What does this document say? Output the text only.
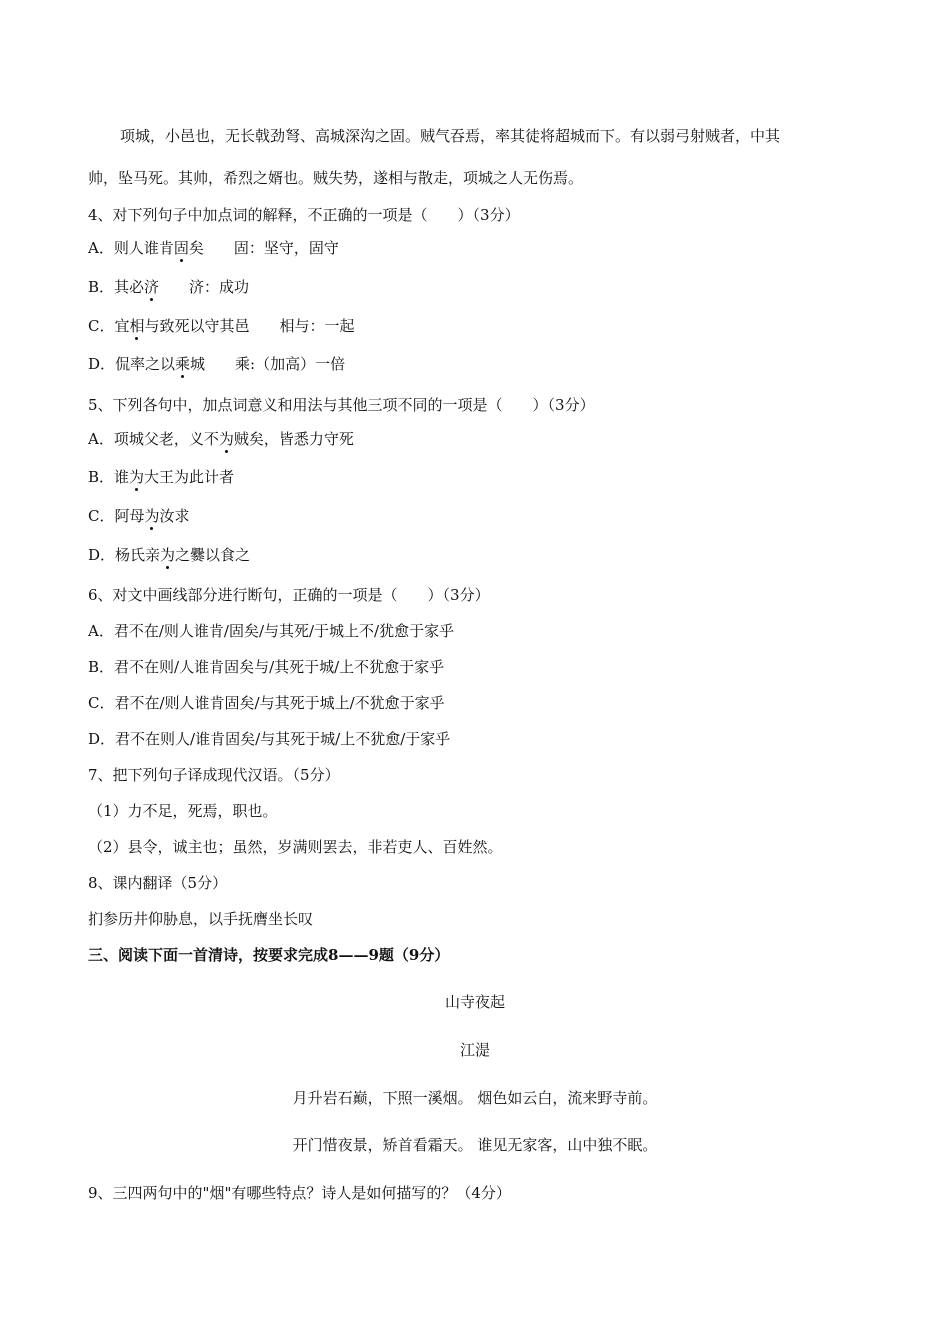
项城，小邑也，无长戟劲弩、高城深沟之固。贼气吞焉，率其徒将超城而下。有以弱弓射贼者，中其
帅，坠马死。其帅，希烈之婿也。贼失势，遂相与散走，项城之人无伤焉。
4、对下列句子中加点词的解释，不正确的一项是（　　）（3分）
A．则人谁肯固矣　　固：坚守，固守
B．其必济　　济：成功
C．宜相与致死以守其邑　　相与：一起
D．侃率之以乘城　　乘:（加高）一倍
5、下列各句中，加点词意义和用法与其他三项不同的一项是（　　）（3分）
A．项城父老，义不为贼矣，皆悉力守死
B．谁为大王为此计者
C．阿母为汝求
D．杨氏亲为之爨以食之
6、对文中画线部分进行断句，正确的一项是（　　）（3分）
A．君不在/则人谁肯/固矣/与其死/于城上不/犹愈于家乎
B．君不在则/人谁肯固矣与/其死于城/上不犹愈于家乎
C．君不在/则人谁肯固矣/与其死于城上/不犹愈于家乎
D．君不在则人/谁肯固矣/与其死于城/上不犹愈/于家乎
7、把下列句子译成现代汉语。（5分）
（1）力不足，死焉，职也。
（2）县令，诚主也；虽然，岁满则罢去，非若吏人、百姓然。
8、课内翻译（5分）
扪参历井仰胁息，以手抚膺坐长叹
三、阅读下面一首清诗，按要求完成8——9题（9分）
山寺夜起
江湜
月升岩石巅，下照一溪烟。 烟色如云白，流来野寺前。
开门惜夜景，矫首看霜天。 谁见无家客，山中独不眠。
9、三四两句中的"烟"有哪些特点？诗人是如何描写的？（4分）
